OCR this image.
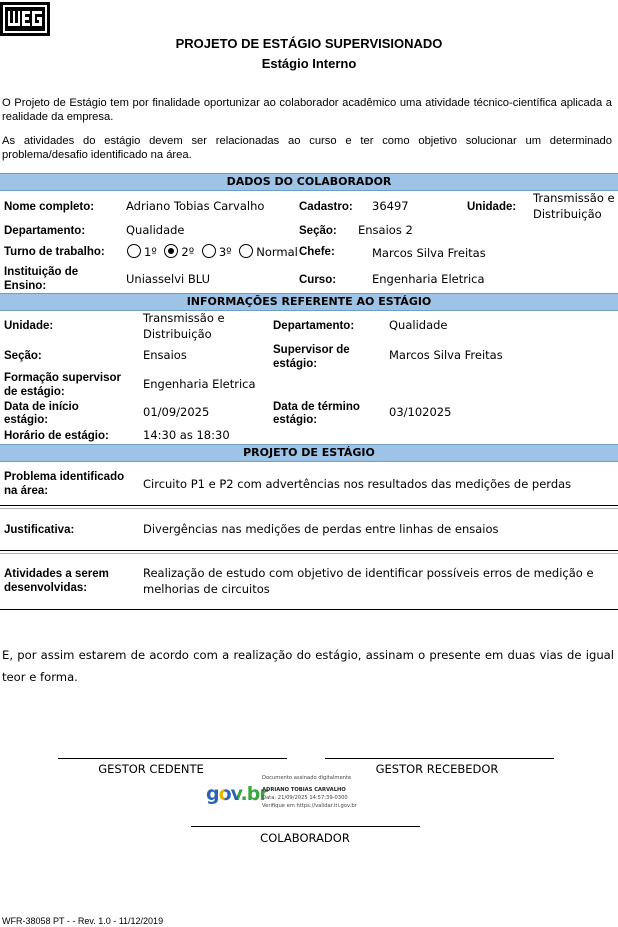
PROJETO DE ESTÁGIO SUPERVISIONADO
Estágio Interno
O Projeto de Estágio tem por finalidade oportunizar ao colaborador acadêmico uma atividade técnico-científica aplicada a realidade da empresa.
As atividades do estágio devem ser relacionadas ao curso e ter como objetivo solucionar um determinado problema/desafio identificado na área.
DADOS DO COLABORADOR
Nome completo:	Adriano Tobias Carvalho	Cadastro: 36497	Unidade:
Transmissão e
Distribuição
Departamento:	Qualidade	Seção: Ensaios 2
Turno de trabalho:	1º 2º 3º Normal Chefe:	Marcos Silva Freitas
Instituição de
Ensino:	Uniasselvi BLU	Curso:	Engenharia Eletrica
INFORMAÇÕES REFERENTE AO ESTÁGIO
Unidade:
Transmissão e
Distribuição
Departamento:	Qualidade
Seção:	Ensaios	Supervisor de
estágio:
Marcos Silva Freitas
Formação supervisor
de estágio:
Engenharia Eletrica
Data de início
estágio:
01/09/2025	Data de término
estágio:
03/102025
Horário de estágio:	14:30 as 18:30
PROJETO DE ESTÁGIO
Problema identificado
na área:	Circuito P1 e P2 com advertências nos resultados das medições de perdas
Justificativa:	Divergências nas medições de perdas entre linhas de ensaios
Atividades a serem
desenvolvidas:
Realização de estudo com objetivo de identificar possíveis erros de medição e
melhorias de circuitos
E, por assim estarem de acordo com a realização do estágio, assinam o presente em duas vias de igual teor e forma.
GESTOR CEDENTE	GESTOR RECEBEDOR
gov.br
Documento assinado digitalmente
ADRIANO TOBIAS CARVALHO
Data: 21/09/2025 14:57:39-0300
Verifique em https://validar.iti.gov.br
COLABORADOR
WFR-38058 PT - - Rev. 1.0 - 11/12/2019
